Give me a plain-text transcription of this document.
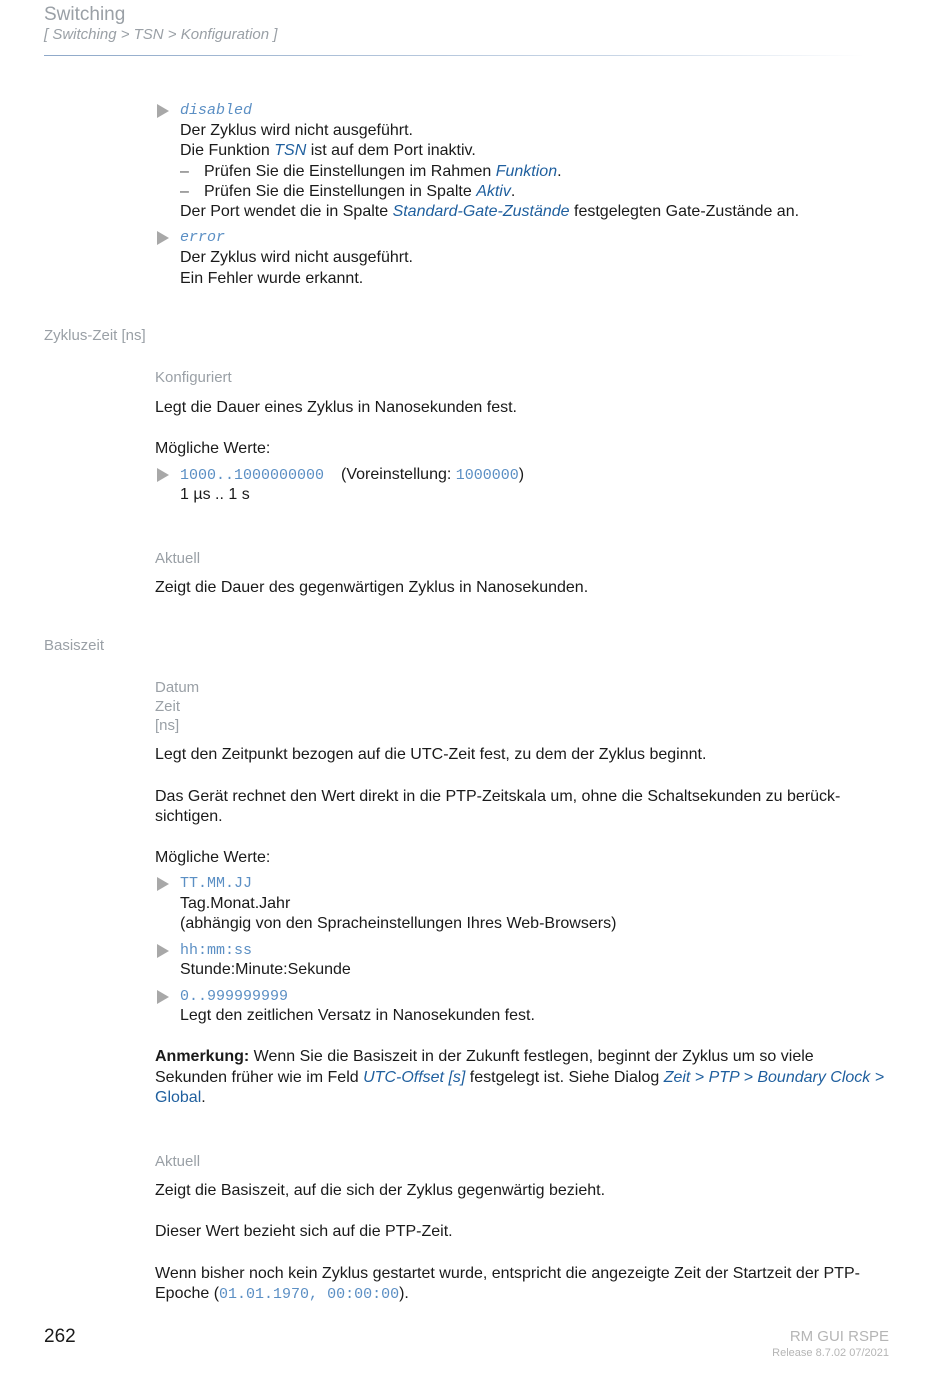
Switching
[ Switching > TSN > Konfiguration ]
disabled
Der Zyklus wird nicht ausgeführt.
Die Funktion TSN ist auf dem Port inaktiv.
– Prüfen Sie die Einstellungen im Rahmen Funktion.
– Prüfen Sie die Einstellungen in Spalte Aktiv.
Der Port wendet die in Spalte Standard-Gate-Zustände festgelegten Gate-Zustände an.
error
Der Zyklus wird nicht ausgeführt.
Ein Fehler wurde erkannt.
Zyklus-Zeit [ns]
Konfiguriert
Legt die Dauer eines Zyklus in Nanosekunden fest.
Mögliche Werte:
1000..1000000000 (Voreinstellung: 1000000)
1 µs .. 1 s
Aktuell
Zeigt die Dauer des gegenwärtigen Zyklus in Nanosekunden.
Basiszeit
Datum
Zeit
[ns]
Legt den Zeitpunkt bezogen auf die UTC-Zeit fest, zu dem der Zyklus beginnt.
Das Gerät rechnet den Wert direkt in die PTP-Zeitskala um, ohne die Schaltsekunden zu berück-
sichtigen.
Mögliche Werte:
TT.MM.JJ
Tag.Monat.Jahr
(abhängig von den Spracheinstellungen Ihres Web-Browsers)
hh:mm:ss
Stunde:Minute:Sekunde
0..999999999
Legt den zeitlichen Versatz in Nanosekunden fest.
Anmerkung: Wenn Sie die Basiszeit in der Zukunft festlegen, beginnt der Zyklus um so viele
Sekunden früher wie im Feld UTC-Offset [s] festgelegt ist. Siehe Dialog Zeit > PTP > Boundary Clock >
Global.
Aktuell
Zeigt die Basiszeit, auf die sich der Zyklus gegenwärtig bezieht.
Dieser Wert bezieht sich auf die PTP-Zeit.
Wenn bisher noch kein Zyklus gestartet wurde, entspricht die angezeigte Zeit der Startzeit der PTP-
Epoche (01.01.1970, 00:00:00).
262	RM GUI RSPE
Release 8.7.02 07/2021
